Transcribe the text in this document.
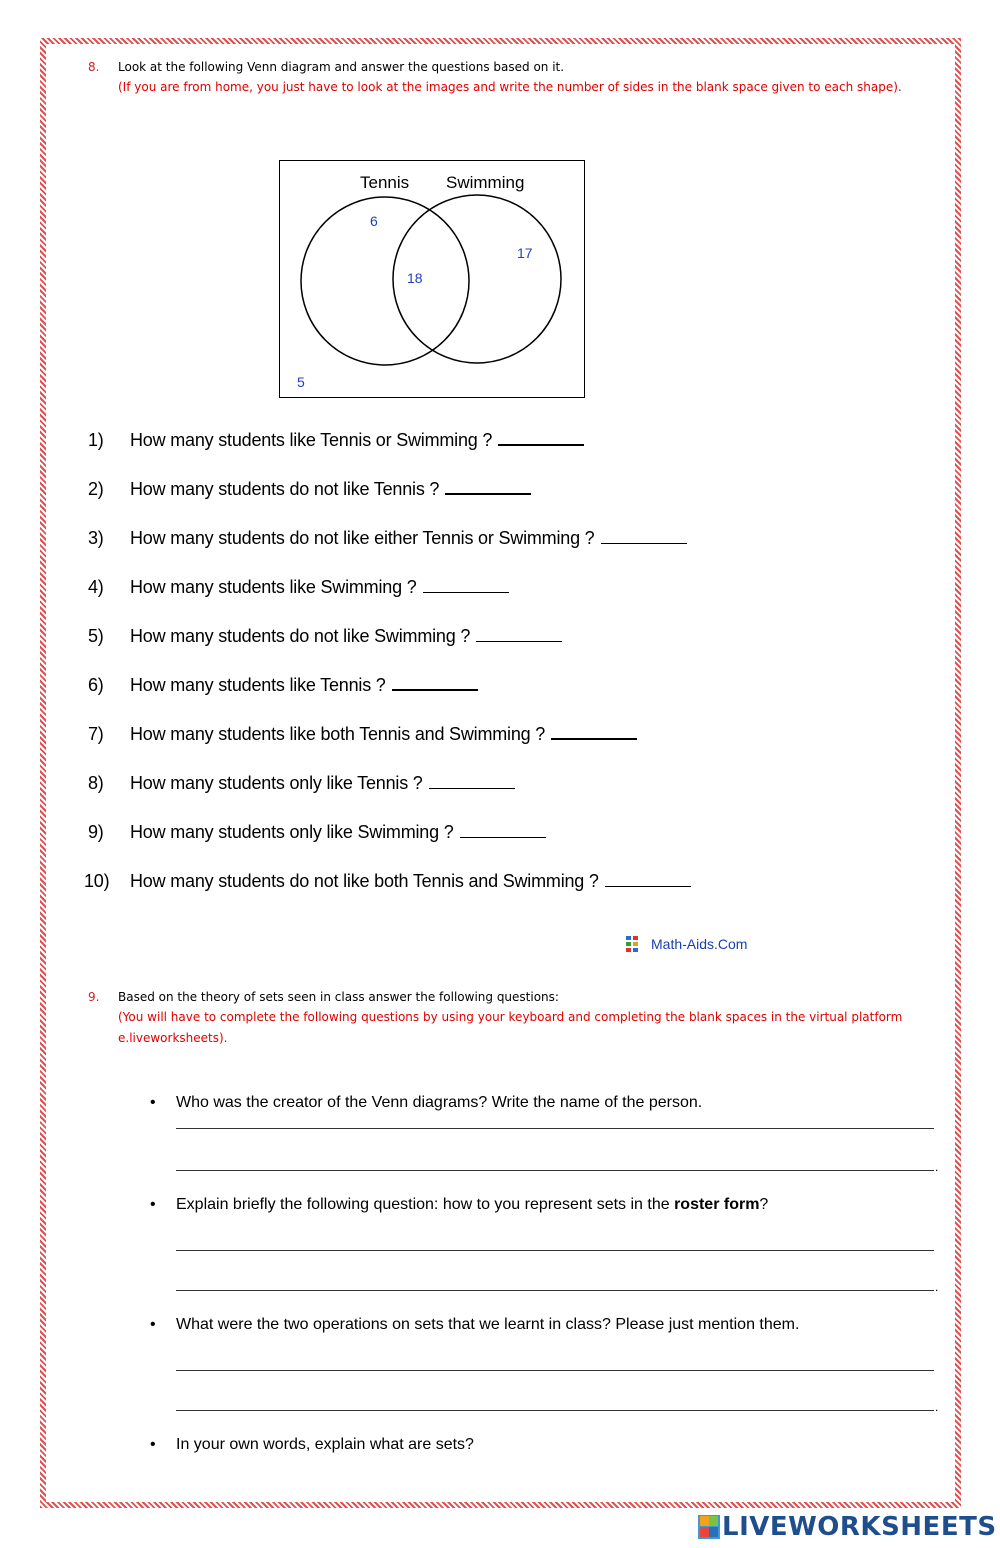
8. Look at the following Venn diagram and answer the questions based on it.
(If you are from home, you just have to look at the images and write the number of sides in the blank space given to each shape).
Tennis Swimming
6
18
17
5
1) How many students like Tennis or Swimming ?
2) How many students do not like Tennis ?
3) How many students do not like either Tennis or Swimming ?
4) How many students like Swimming ?
5) How many students do not like Swimming ?
6) How many students like Tennis ?
7) How many students like both Tennis and Swimming ?
8) How many students only like Tennis ?
9) How many students only like Swimming ?
10) How many students do not like both Tennis and Swimming ?
Math-Aids.Com
9. Based on the theory of sets seen in class answer the following questions:
(You will have to complete the following questions by using your keyboard and completing the blank spaces in the virtual platform
e.liveworksheets).
• Who was the creator of the Venn diagrams? Write the name of the person.
.
• Explain briefly the following question: how to you represent sets in the roster form?
.
• What were the two operations on sets that we learnt in class? Please just mention them.
.
• In your own words, explain what are sets?
LIVEWORKSHEETS
